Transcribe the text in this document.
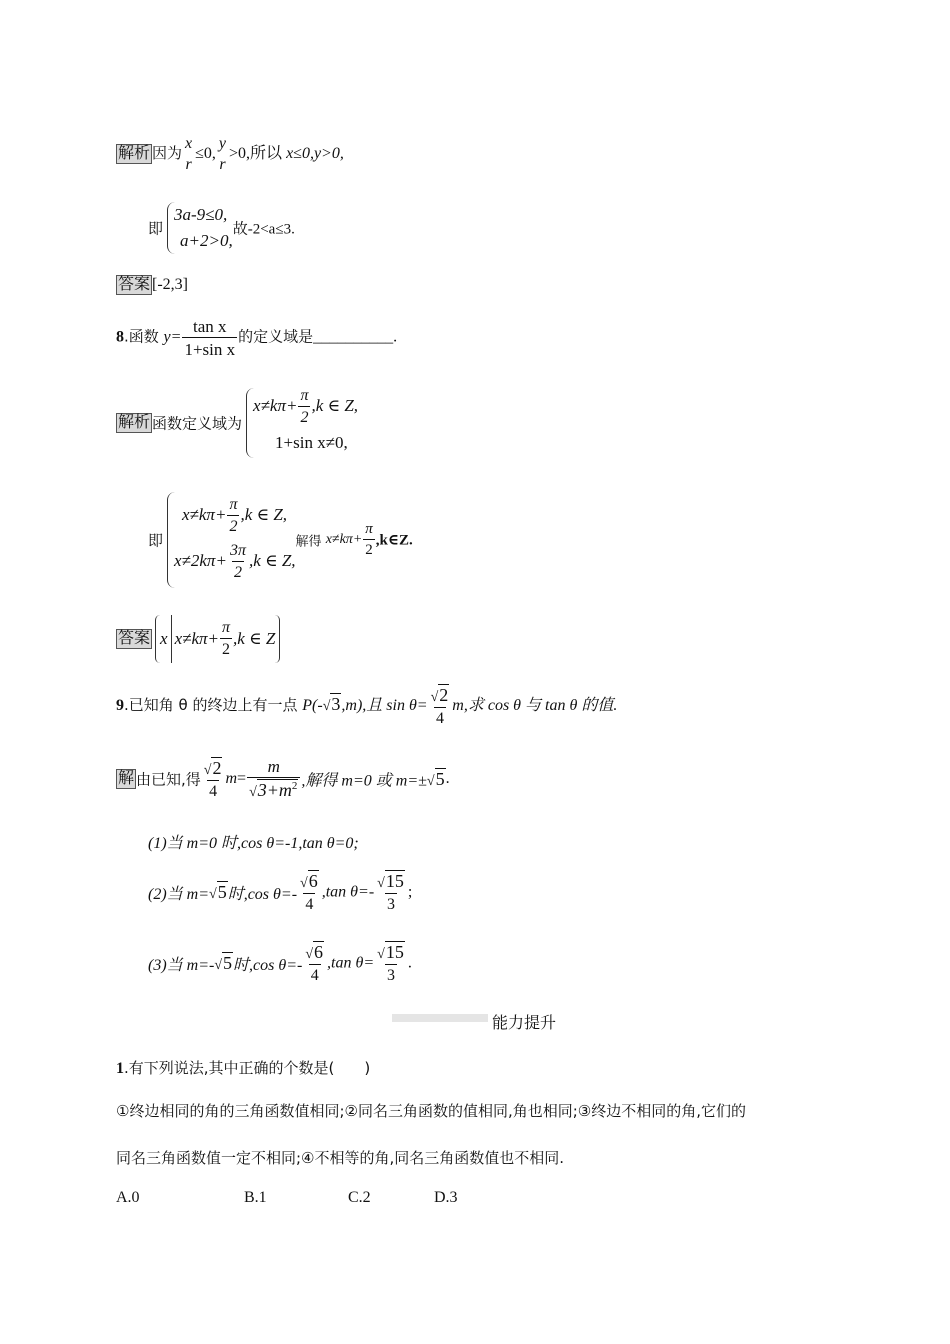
解析 因为
x
r
≤0,
y
r
>0,所以 x≤0,y>0,
即
3a-9≤0,
a+2>0,
故-2<a≤3.
答案 [-2,3]
8.函数 $y= \frac{\text{tan x}}{\text{1+sin x}}$ 的定义域是__________.
解析 函数定义域为
$x\ne k\pi+ \frac{\pi}{2} ,k$ ∈ Z,
1+sin x≠0,
即
$x\ne k\pi+ \frac{\pi}{2} ,k$ ∈ Z,
$x\ne 2k\pi+ \frac{3\pi}{2} ,k$ ∈ Z,
解得 $x\ne k\pi+ \frac{\pi}{2}$ ,k∈Z.
答案 x $x\ne k\pi+ \frac{\pi}{2} ,k$ ∈ Z
9.已知角 θ 的终边上有一点 P(-√3,m),且 $\sin \theta= \frac{√2}{4} m$,求 cos θ 与 tan θ 的值.
解 由已知,得 $\frac{√2}{4} m= \frac{m}{√3+m^2}$ ,解得 m=0 或 m=±√5.
(1)当 m=0 时,cos θ=-1,tan θ=0;
(2)当 m=√5时,cos $\theta=- \frac{√6}{4} ,\tan$ $\theta=- \frac{√15}{3}$ ;
(3)当 m=-√5时,cos $\theta=- \frac{√6}{4} ,\tan$ $\theta= \frac{√15}{3}$ .
能力提升
1.有下列说法,其中正确的个数是(　　)
①终边相同的角的三角函数值相同;②同名三角函数的值相同,角也相同;③终边不相同的角,它们的
同名三角函数值一定不相同;④不相等的角,同名三角函数值也不相同.
A.0	B.1	C.2	D.3
